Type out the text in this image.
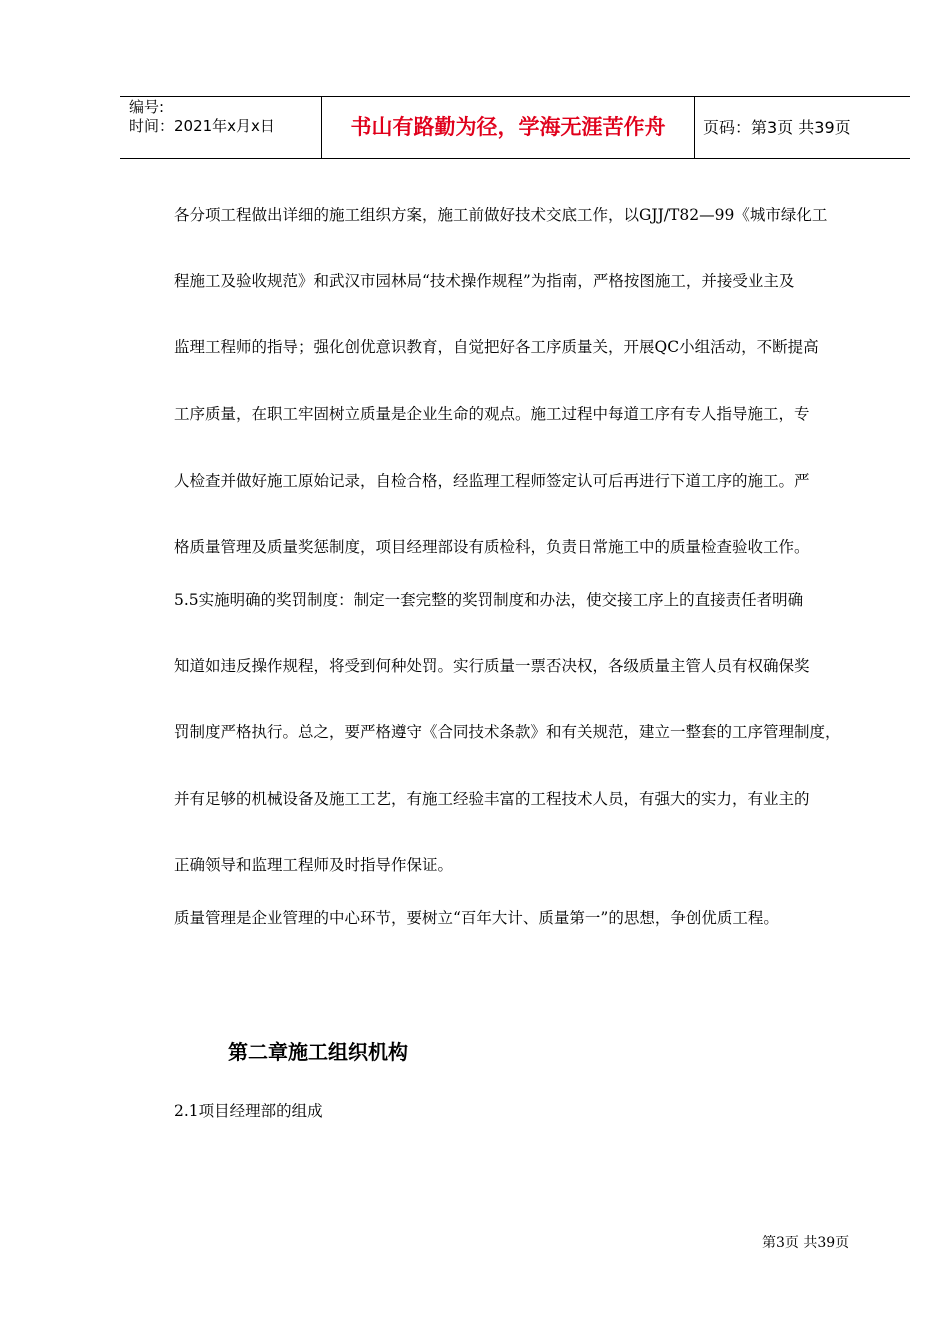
编号:
时间：2021年x月x日	书山有路勤为径，学海无涯苦作舟	页码：第3页 共39页
各分项工程做出详细的施工组织方案，施工前做好技术交底工作，以GJJ/T82—99《城市绿化工
程施工及验收规范》和武汉市园林局“技术操作规程”为指南，严格按图施工，并接受业主及
监理工程师的指导；强化创优意识教育，自觉把好各工序质量关，开展QC小组活动，不断提高
工序质量，在职工牢固树立质量是企业生命的观点。施工过程中每道工序有专人指导施工，专
人检查并做好施工原始记录，自检合格，经监理工程师签定认可后再进行下道工序的施工。严
格质量管理及质量奖惩制度，项目经理部设有质检科，负责日常施工中的质量检查验收工作。
5.5实施明确的奖罚制度：制定一套完整的奖罚制度和办法，使交接工序上的直接责任者明确
知道如违反操作规程，将受到何种处罚。实行质量一票否决权，各级质量主管人员有权确保奖
罚制度严格执行。总之，要严格遵守《合同技术条款》和有关规范，建立一整套的工序管理制度，
并有足够的机械设备及施工工艺，有施工经验丰富的工程技术人员，有强大的实力，有业主的
正确领导和监理工程师及时指导作保证。
质量管理是企业管理的中心环节，要树立“百年大计、质量第一”的思想，争创优质工程。
第二章施工组织机构
2.1项目经理部的组成
第3页 共39页
